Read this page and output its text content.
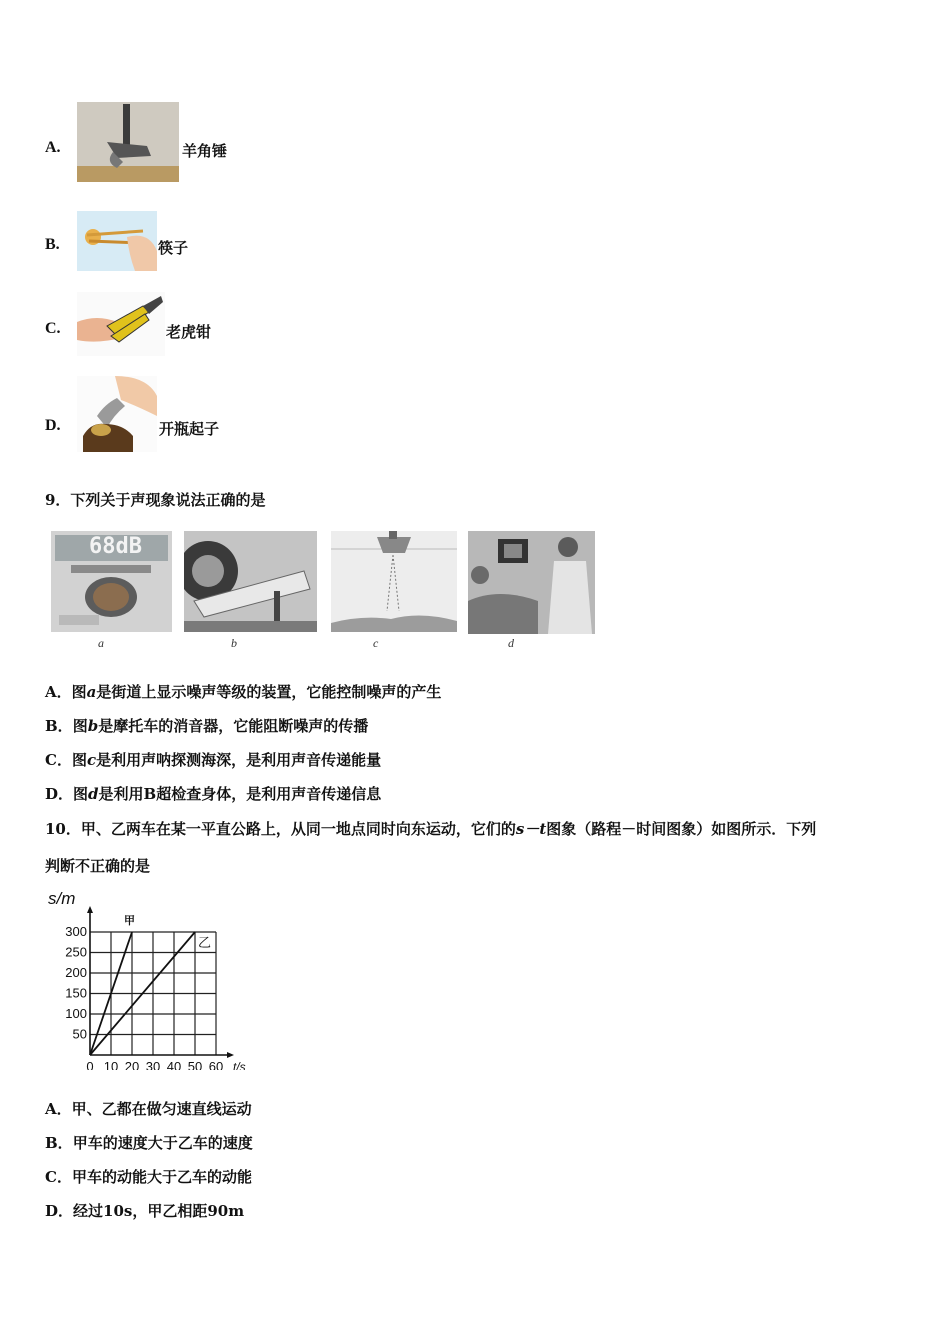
A.	羊角锤
B.	筷子
C.	老虎钳
D.	开瓶起子
9．下列关于声现象说法正确的是
68dB
a	b	c	d
A．图a是街道上显示噪声等级的装置，它能控制噪声的产生
B．图b是摩托车的消音器，它能阻断噪声的传播
C．图c是利用声呐探测海深，是利用声音传递能量
D．图d是利用B超检查身体，是利用声音传递信息
10．甲、乙两车在某一平直公路上，从同一地点同时向东运动，它们的s－t图象（路程－时间图象）如图所示．下列
判断不正确的是
0 10 20 30 40 50 60
50
100
150
200
250
300
s/m
t/s
甲
乙
A．甲、乙都在做匀速直线运动
B．甲车的速度大于乙车的速度
C．甲车的动能大于乙车的动能
D．经过10s，甲乙相距90m
